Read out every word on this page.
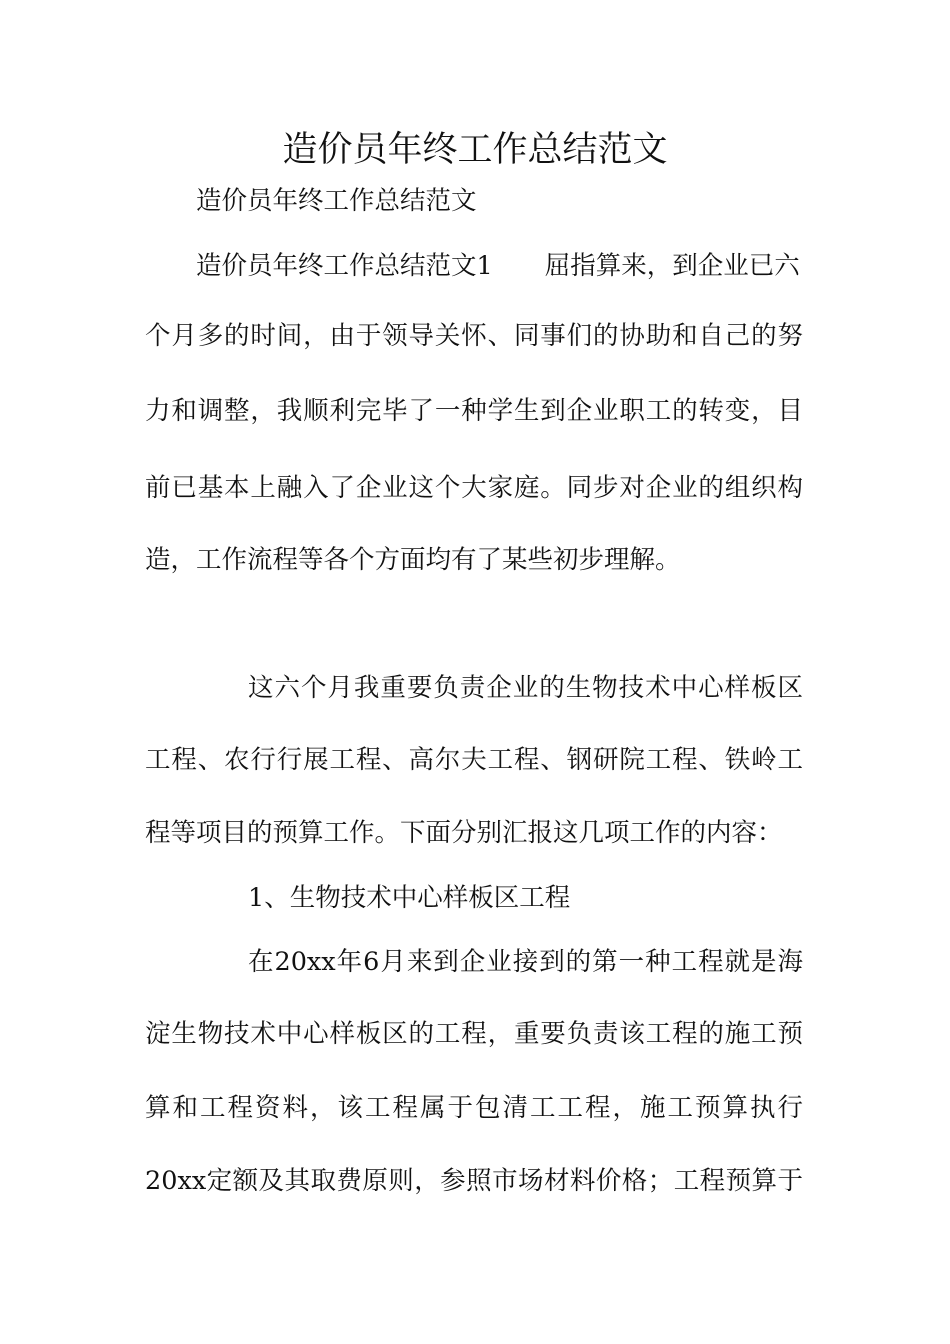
造价员年终工作总结范文
造价员年终工作总结范文
造价员年终工作总结范文1 屈指算来，到企业已六
个月多的时间，由于领导关怀、同事们的协助和自己的努
力和调整，我顺利完毕了一种学生到企业职工的转变，目
前已基本上融入了企业这个大家庭。同步对企业的组织构
造，工作流程等各个方面均有了某些初步理解。
这六个月我重要负责企业的生物技术中心样板区
工程、农行行展工程、高尔夫工程、钢研院工程、铁岭工
程等项目的预算工作。下面分别汇报这几项工作的内容：
1、生物技术中心样板区工程
在20xx年6月来到企业接到的第一种工程就是海
淀生物技术中心样板区的工程，重要负责该工程的施工预
算和工程资料，该工程属于包清工工程，施工预算执行
20xx定额及其取费原则，参照市场材料价格；工程预算于
